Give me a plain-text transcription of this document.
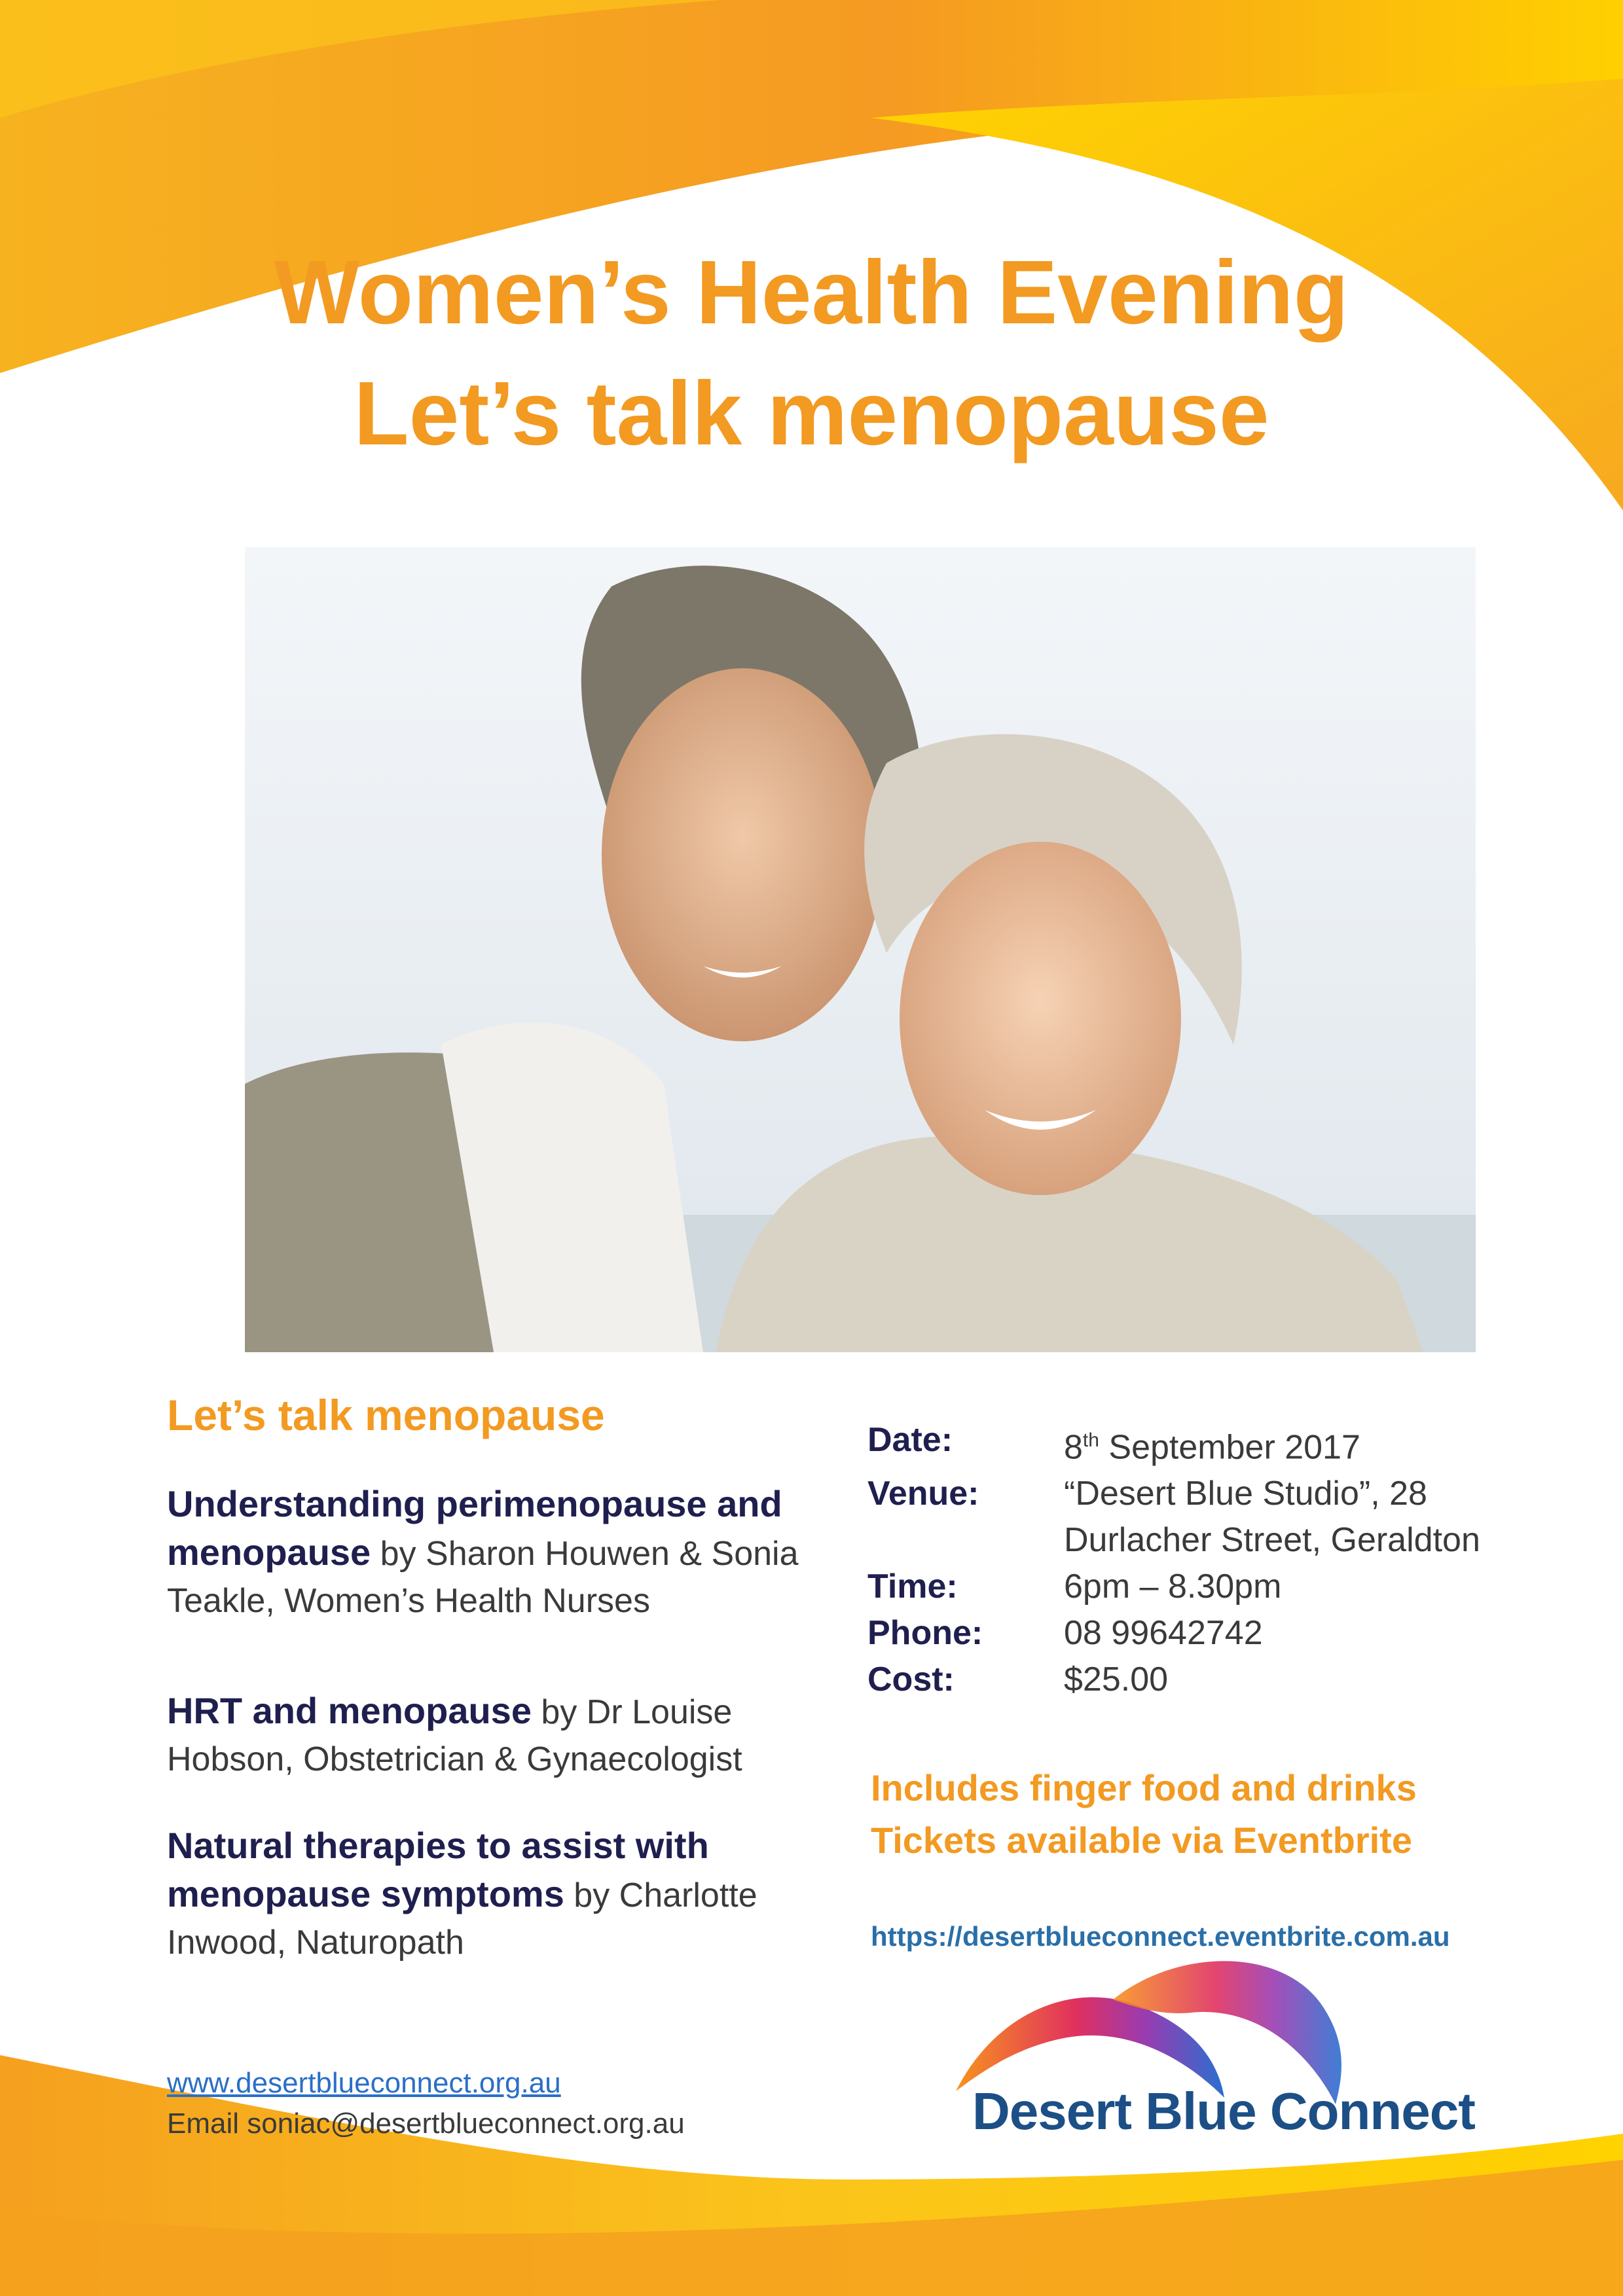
Women’s Health Evening
Let’s talk menopause
Let’s talk menopause
Understanding perimenopause and menopause by Sharon Houwen & Sonia Teakle, Women’s Health Nurses
HRT and menopause by Dr Louise Hobson, Obstetrician & Gynaecologist
Natural therapies to assist with menopause symptoms by Charlotte Inwood, Naturopath
www.desertblueconnect.org.au
Email soniac@desertblueconnect.org.au
Date:	8th September 2017
Venue:	“Desert Blue Studio”, 28 Durlacher Street, Geraldton
Time:	6pm – 8.30pm
Phone:	08 99642742
Cost:	$25.00
Includes finger food and drinks
Tickets available via Eventbrite
https://desertblueconnect.eventbrite.com.au
Desert Blue Connect
